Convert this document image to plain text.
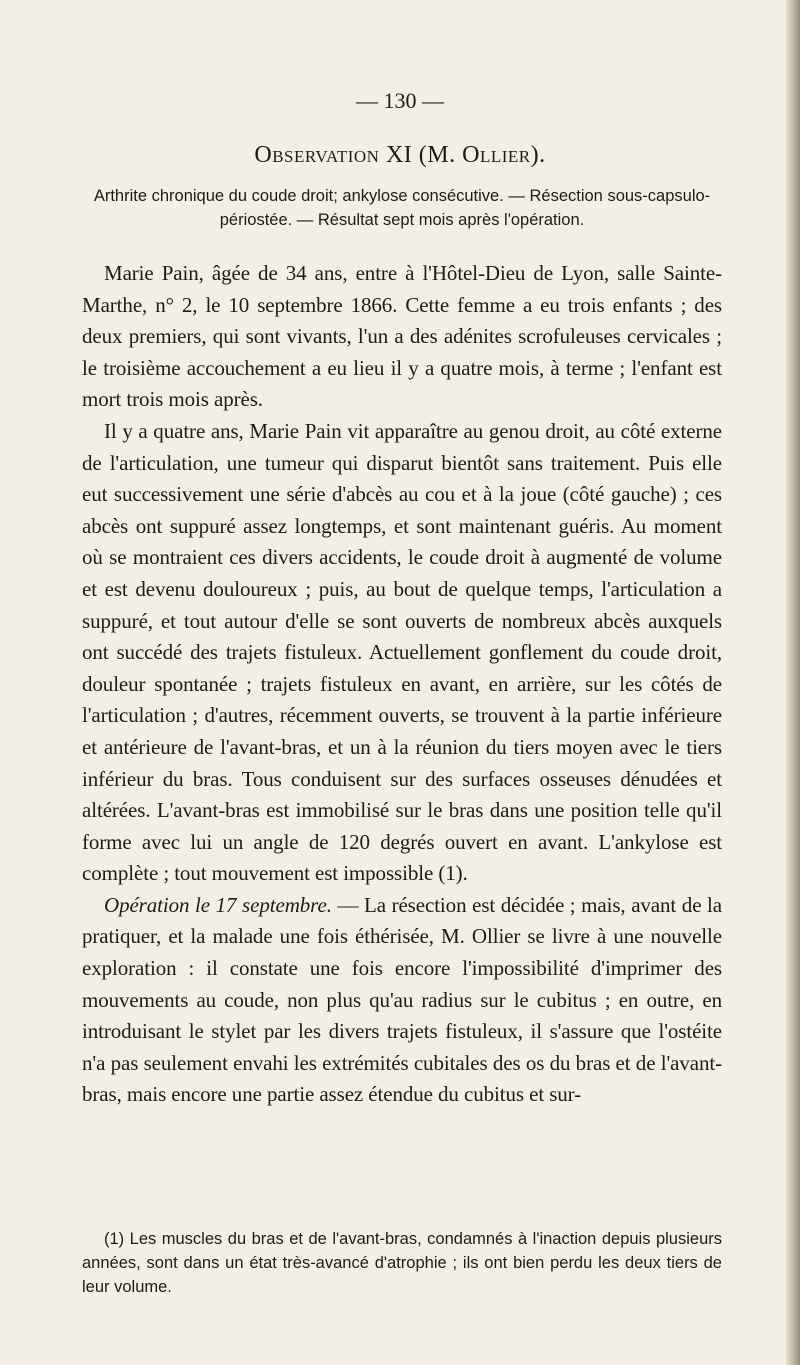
— 130 —
Observation XI (M. Ollier).
Arthrite chronique du coude droit; ankylose consécutive. — Résection sous-capsulo-périostée. — Résultat sept mois après l'opération.

Marie Pain, âgée de 34 ans, entre à l'Hôtel-Dieu de Lyon, salle Sainte-Marthe, n° 2, le 10 septembre 1866. Cette femme a eu trois enfants ; des deux premiers, qui sont vivants, l'un a des adénites scrofuleuses cervicales ; le troisième accouchement a eu lieu il y a quatre mois, à terme ; l'enfant est mort trois mois après.

Il y a quatre ans, Marie Pain vit apparaître au genou droit, au côté externe de l'articulation, une tumeur qui disparut bientôt sans traitement. Puis elle eut successivement une série d'abcès au cou et à la joue (côté gauche) ; ces abcès ont suppuré assez longtemps, et sont maintenant guéris. Au moment où se montraient ces divers accidents, le coude droit à augmenté de volume et est devenu douloureux ; puis, au bout de quelque temps, l'articulation a suppuré, et tout autour d'elle se sont ouverts de nombreux abcès auxquels ont succédé des trajets fistuleux. Actuellement gonflement du coude droit, douleur spontanée ; trajets fistuleux en avant, en arrière, sur les côtés de l'articulation ; d'autres, récemment ouverts, se trouvent à la partie inférieure et antérieure de l'avant-bras, et un à la réunion du tiers moyen avec le tiers inférieur du bras. Tous conduisent sur des surfaces osseuses dénudées et altérées. L'avant-bras est immobilisé sur le bras dans une position telle qu'il forme avec lui un angle de 120 degrés ouvert en avant. L'ankylose est complète ; tout mouvement est impossible (1).

Opération le 17 septembre. — La résection est décidée ; mais, avant de la pratiquer, et la malade une fois éthérisée, M. Ollier se livre à une nouvelle exploration : il constate une fois encore l'impossibilité d'imprimer des mouvements au coude, non plus qu'au radius sur le cubitus ; en outre, en introduisant le stylet par les divers trajets fistuleux, il s'assure que l'ostéite n'a pas seulement envahi les extrémités cubitales des os du bras et de l'avant-bras, mais encore une partie assez étendue du cubitus et sur-

(1) Les muscles du bras et de l'avant-bras, condamnés à l'inaction depuis plusieurs années, sont dans un état très-avancé d'atrophie ; ils ont bien perdu les deux tiers de leur volume.
